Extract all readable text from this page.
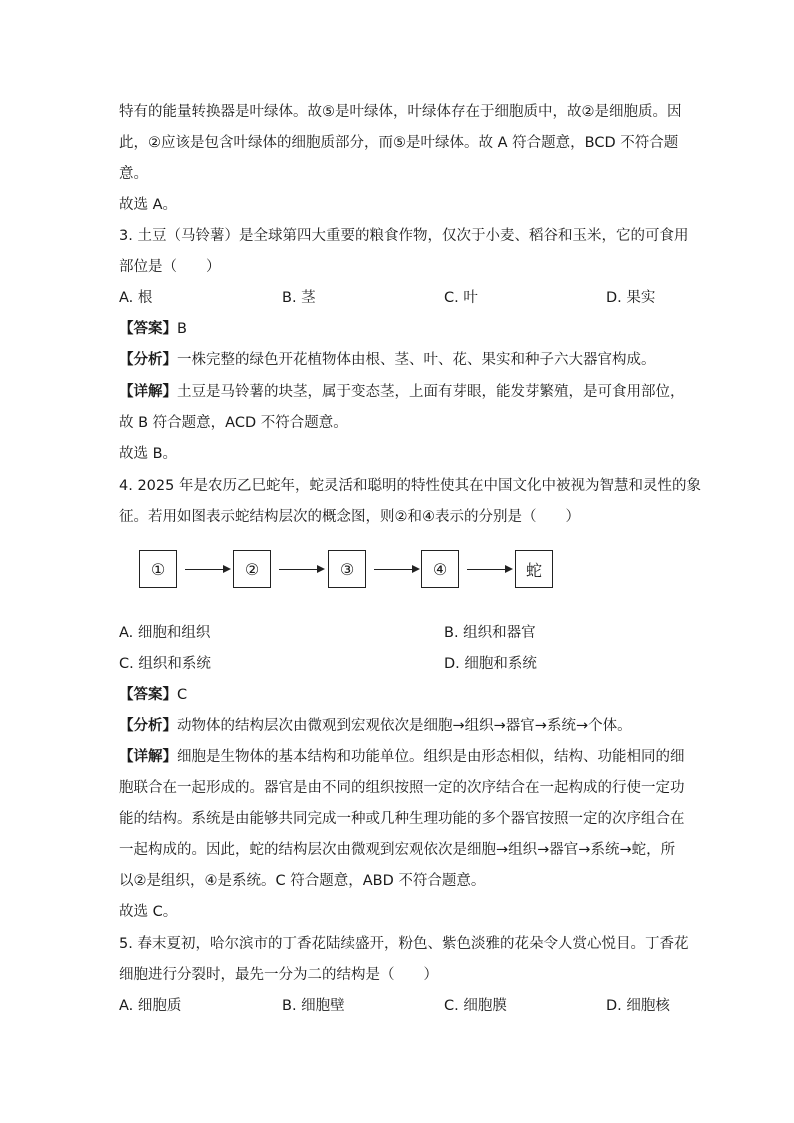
特有的能量转换器是叶绿体。故⑤是叶绿体，叶绿体存在于细胞质中，故②是细胞质。因
此，②应该是包含叶绿体的细胞质部分，而⑤是叶绿体。故 A 符合题意，BCD 不符合题
意。
故选 A。
3. 土豆（马铃薯）是全球第四大重要的粮食作物，仅次于小麦、稻谷和玉米，它的可食用
部位是（　　）
A. 根	B. 茎	C. 叶	D. 果实
【答案】B
【分析】一株完整的绿色开花植物体由根、茎、叶、花、果实和种子六大器官构成。
【详解】土豆是马铃薯的块茎，属于变态茎，上面有芽眼，能发芽繁殖，是可食用部位，
故 B 符合题意，ACD 不符合题意。
故选 B。
4. 2025 年是农历乙巳蛇年，蛇灵活和聪明的特性使其在中国文化中被视为智慧和灵性的象
征。若用如图表示蛇结构层次的概念图，则②和④表示的分别是（　　）
①	②	③	④	蛇
A. 细胞和组织	B. 组织和器官
C. 组织和系统	D. 细胞和系统
【答案】C
【分析】动物体的结构层次由微观到宏观依次是细胞→组织→器官→系统→个体。
【详解】细胞是生物体的基本结构和功能单位。组织是由形态相似，结构、功能相同的细
胞联合在一起形成的。器官是由不同的组织按照一定的次序结合在一起构成的行使一定功
能的结构。系统是由能够共同完成一种或几种生理功能的多个器官按照一定的次序组合在
一起构成的。因此，蛇的结构层次由微观到宏观依次是细胞→组织→器官→系统→蛇，所
以②是组织，④是系统。C 符合题意，ABD 不符合题意。
故选 C。
5. 春末夏初，哈尔滨市的丁香花陆续盛开，粉色、紫色淡雅的花朵令人赏心悦目。丁香花
细胞进行分裂时，最先一分为二的结构是（　　）
A. 细胞质	B. 细胞壁	C. 细胞膜	D. 细胞核
